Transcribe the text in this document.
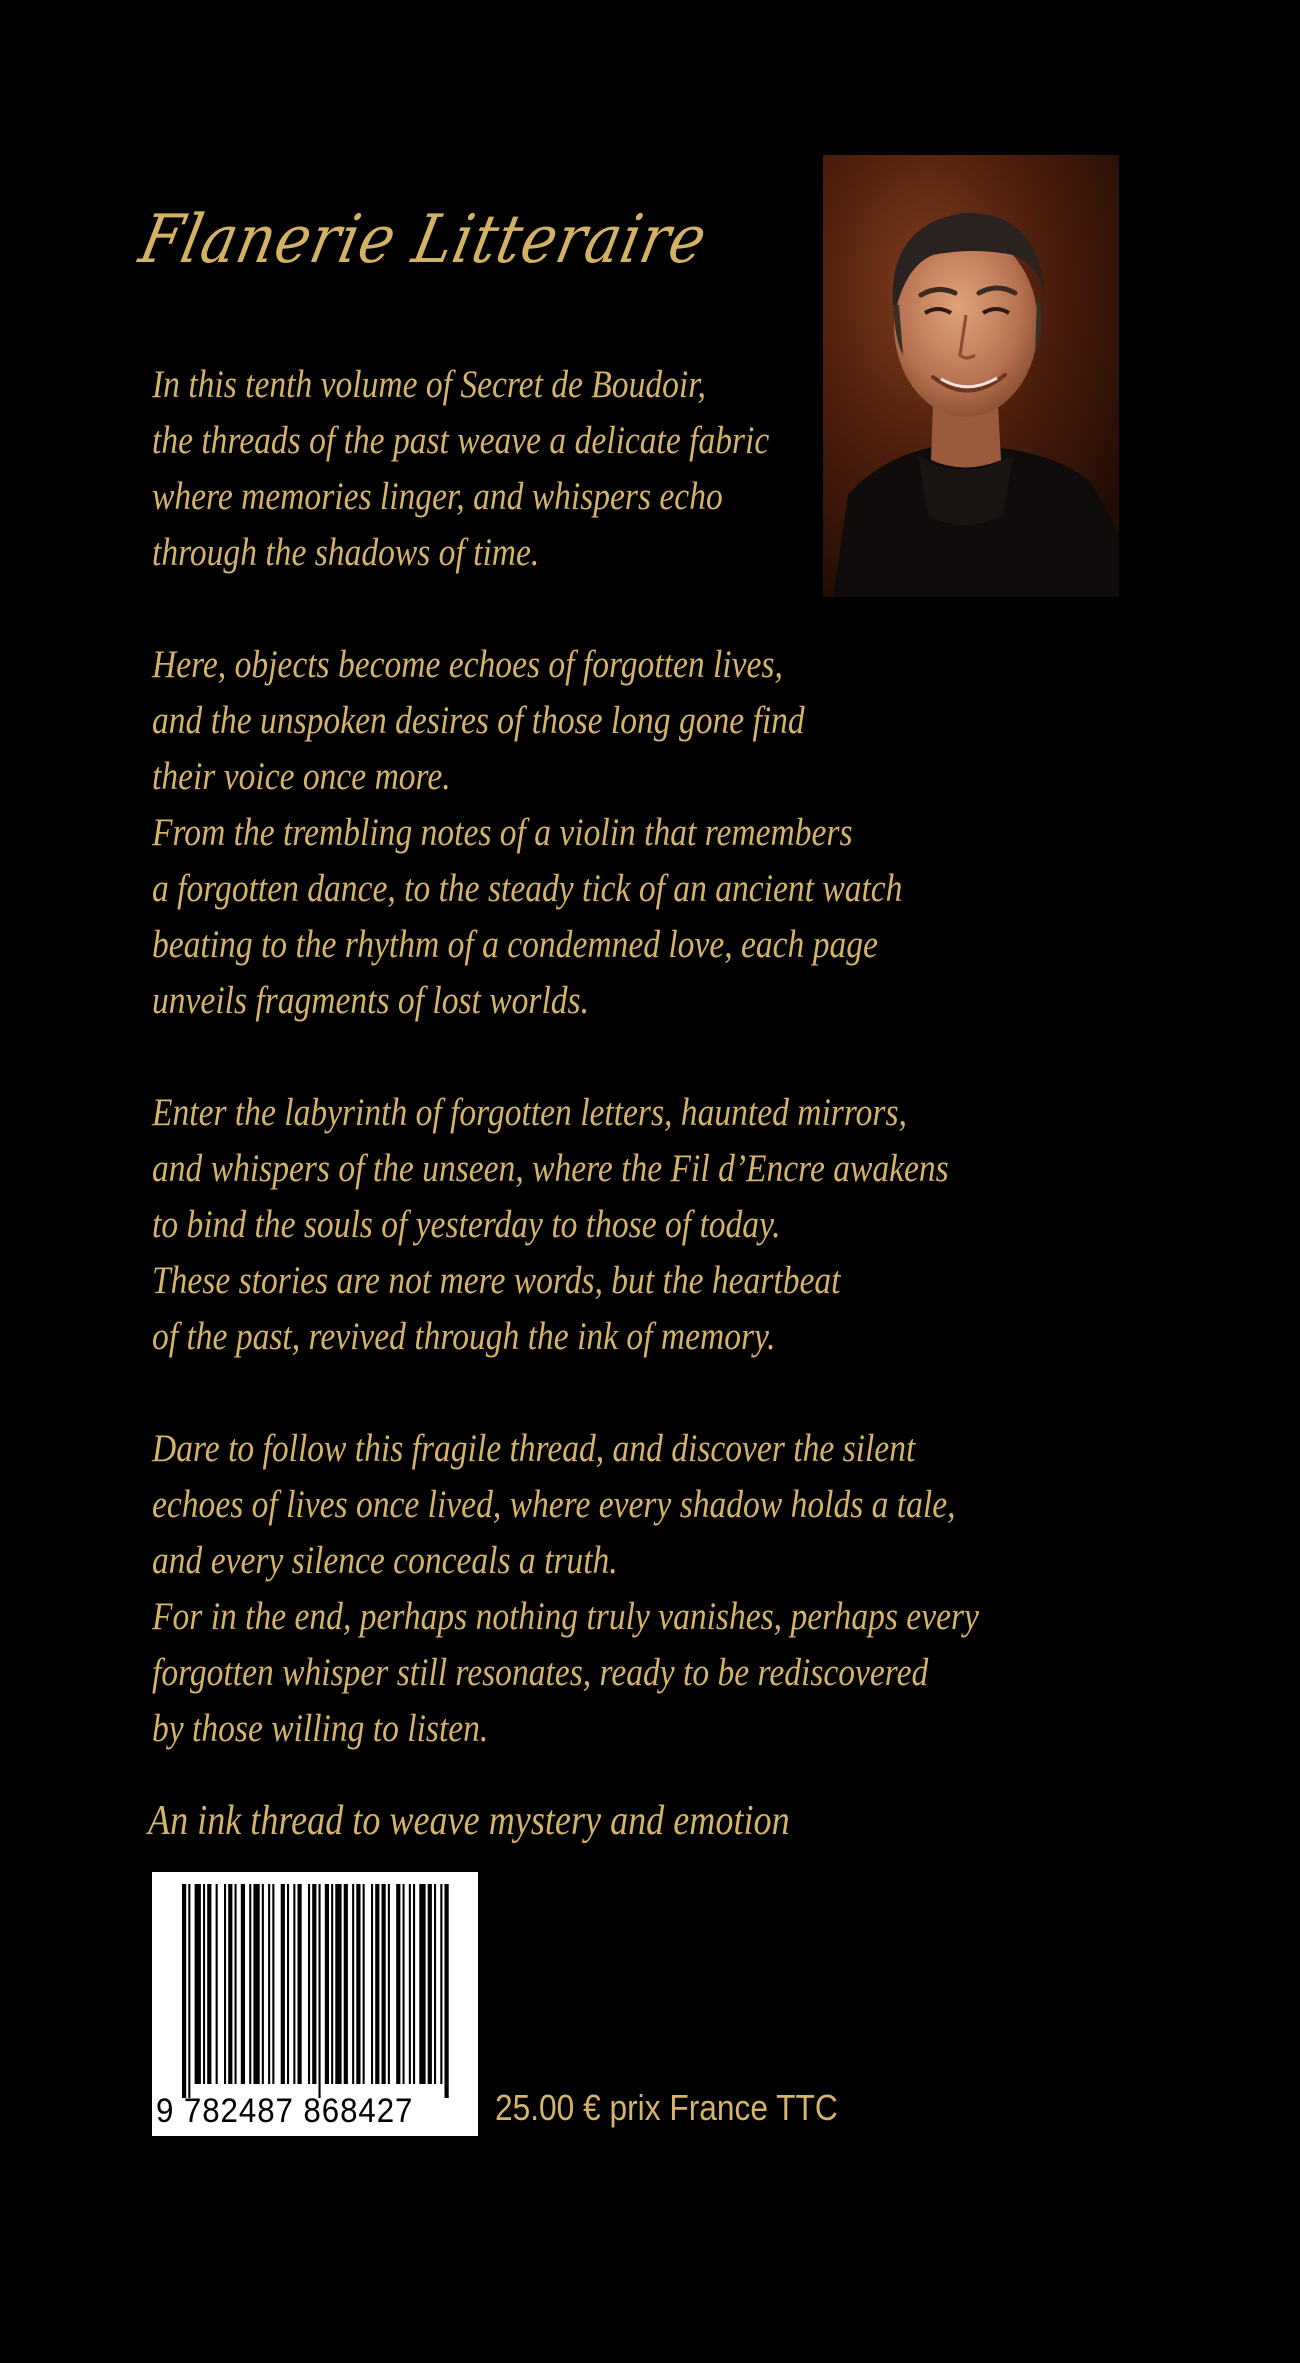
Flanerie Litteraire
In this tenth volume of Secret de Boudoir,
the threads of the past weave a delicate fabric
where memories linger, and whispers echo
through the shadows of time.
Here, objects become echoes of forgotten lives,
and the unspoken desires of those long gone find
their voice once more.
From the trembling notes of a violin that remembers
a forgotten dance, to the steady tick of an ancient watch
beating to the rhythm of a condemned love, each page
unveils fragments of lost worlds.
Enter the labyrinth of forgotten letters, haunted mirrors,
and whispers of the unseen, where the Fil d’Encre awakens
to bind the souls of yesterday to those of today.
These stories are not mere words, but the heartbeat
of the past, revived through the ink of memory.
Dare to follow this fragile thread, and discover the silent
echoes of lives once lived, where every shadow holds a tale,
and every silence conceals a truth.
For in the end, perhaps nothing truly vanishes, perhaps every
forgotten whisper still resonates, ready to be rediscovered
by those willing to listen.
An ink thread to weave mystery and emotion
9 782487 868427	25.00 € prix France TTC
